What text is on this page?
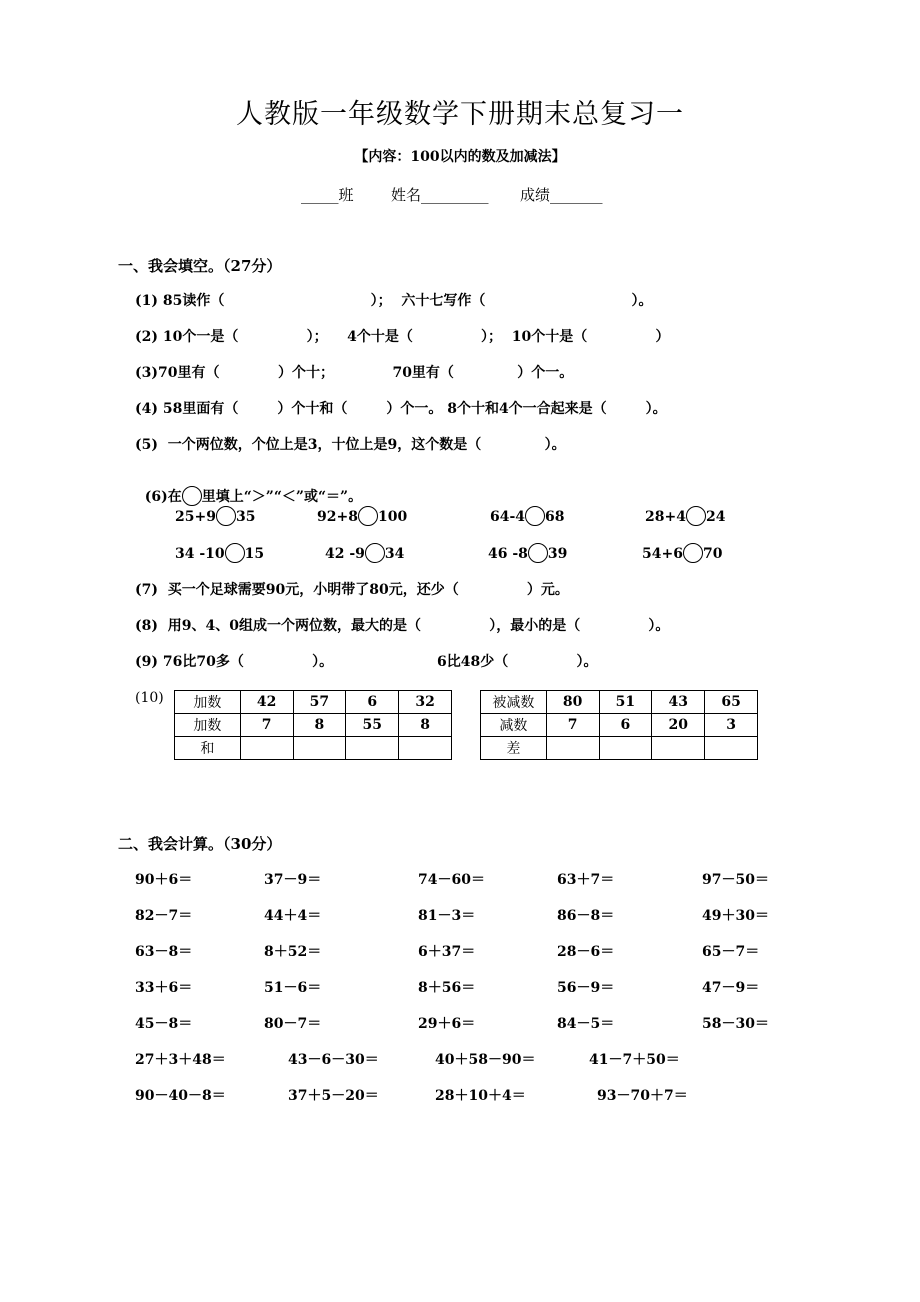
人教版一年级数学下册期末总复习一
【内容：100以内的数及加减法】
_____班 姓名_________ 成绩_______
一、我会填空。（27分）
(1) 85读作（                              ）；  六十七写作（                              ）。
(2) 10个一是（              ）；    4个十是（              ）；  10个十是（              ）
(3)70里有（            ）个十；            70里有（             ）个一。
(4) 58里面有（        ）个十和（        ）个一。 8个十和4个一合起来是（        ）。
(5)  一个两位数，个位上是3，十位上是9，这个数是（             ）。

(6)在 里填上“＞”“＜”或“＝”。

25+9 35	92+8 100	64-4 68	28+4 24
34 -10 15	42 -9 34	46 -8 39	54+6 70
(7)  买一个足球需要90元，小明带了80元，还少（              ）元。
(8)  用9、4、0组成一个两位数，最大的是（              ），最小的是（              ）。
(9) 76比70多（              ）。	6比48少（              ）。
(10) 加数	42	57	6	32
加数	7	8	55	8
和				
被减数	80	51	43	65
减数	7	6	20	3
差				
二、我会计算。（30分）
90＋6＝	37－9＝	74－60＝	63＋7＝	97－50＝
82－7＝	44＋4＝	81－3＝	86－8＝	49＋30＝
63－8＝	8＋52＝	6＋37＝	28－6＝	65－7＝
33＋6＝	51－6＝	8＋56＝	56－9＝	47－9＝
45－8＝	80－7＝	29＋6＝	84－5＝	58－30＝
27＋3＋48＝	43－6－30＝	40＋58－90＝	41－7＋50＝
90－40－8＝	37＋5－20＝	28＋10＋4＝	93－70＋7＝
